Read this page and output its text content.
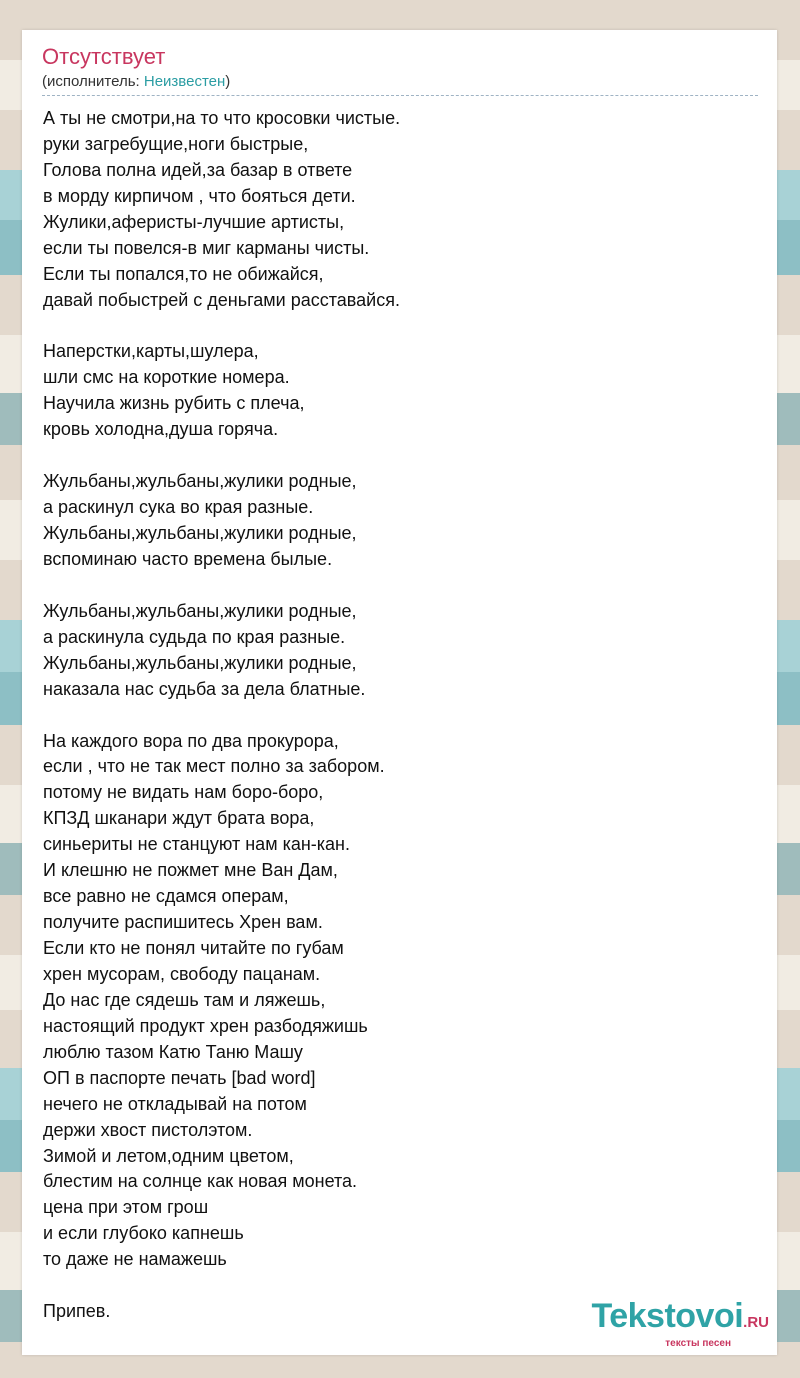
Отсутствует
(исполнитель: Неизвестен)
А ты не смотри,на то что кросовки чистые.
руки загребущие,ноги быстрые,
Голова полна идей,за базар в ответе
в морду кирпичом , что бояться дети.
Жулики,аферисты-лучшие артисты,
если ты повелся-в миг карманы чисты.
Если ты попался,то не обижайся,
давай побыстрей с деньгами расставайся.
Наперстки,карты,шулера,
шли смс на короткие номера.
Научила жизнь рубить с плеча,
кровь холодна,душа горяча.
Жульбаны,жульбаны,жулики родные,
а раскинул сука во края разные.
Жульбаны,жульбаны,жулики родные,
вспоминаю часто времена былые.
Жульбаны,жульбаны,жулики родные,
а раскинула судьда по края разные.
Жульбаны,жульбаны,жулики родные,
наказала нас судьба за дела блатные.
На каждого вора по два прокурора,
если , что не так мест полно за забором.
потому не видать нам боро-боро,
КПЗД шканари ждут брата вора,
синьериты не станцуют нам кан-кан.
И клешню не пожмет мне Ван Дам,
все равно не сдамся операм,
получите распишитесь Хрен вам.
Если кто не понял читайте по губам
хрен мусорам, свободу пацанам.
До нас где сядешь там и ляжешь,
настоящий продукт хрен разбодяжишь
люблю тазом Катю Таню Машу
ОП в паспорте печать [bad word]
нечего не откладывай на потом
держи хвост пистолэтом.
Зимой и летом,одним цветом,
блестим на солнце как новая монета.
цена при этом грош
и если глубоко капнешь
то даже не намажешь
Припев.	Tekstovoi.RU
тексты песен
